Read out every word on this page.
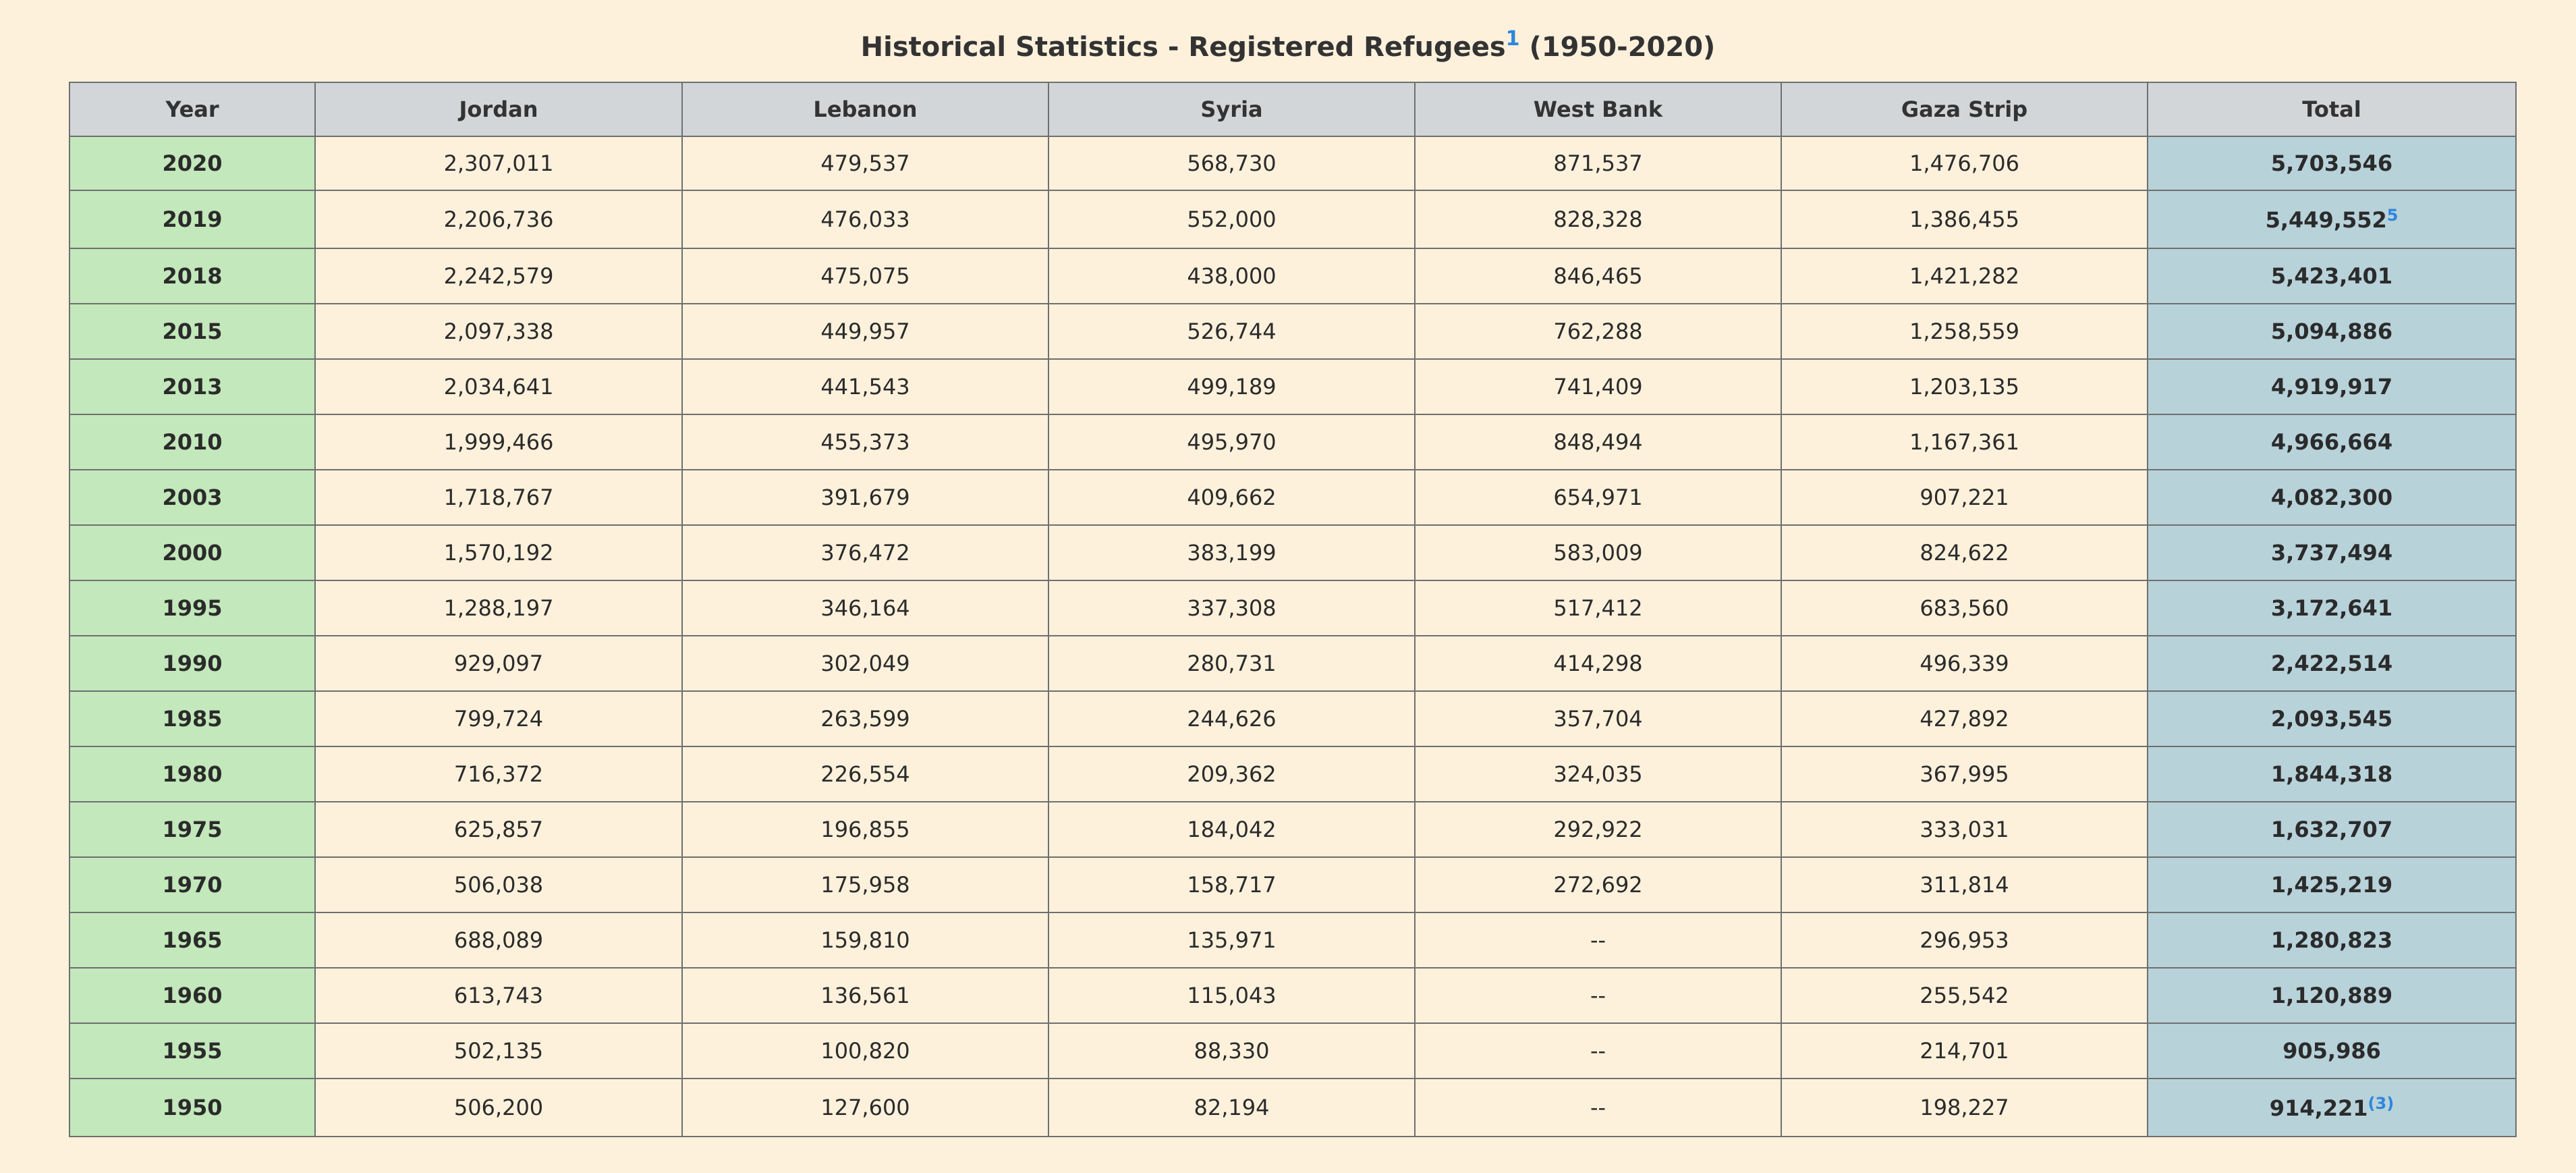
Historical Statistics - Registered Refugees$^1$ (1950-2020)
Year	Jordan	Lebanon	Syria	West Bank	Gaza Strip	Total
2020	2,307,011	479,537	568,730	871,537	1,476,706	5,703,546
2019	2,206,736	476,033	552,000	828,328	1,386,455	5,449,552$^5$
2018	2,242,579	475,075	438,000	846,465	1,421,282	5,423,401
2015	2,097,338	449,957	526,744	762,288	1,258,559	5,094,886
2013	2,034,641	441,543	499,189	741,409	1,203,135	4,919,917
2010	1,999,466	455,373	495,970	848,494	1,167,361	4,966,664
2003	1,718,767	391,679	409,662	654,971	907,221	4,082,300
2000	1,570,192	376,472	383,199	583,009	824,622	3,737,494
1995	1,288,197	346,164	337,308	517,412	683,560	3,172,641
1990	929,097	302,049	280,731	414,298	496,339	2,422,514
1985	799,724	263,599	244,626	357,704	427,892	2,093,545
1980	716,372	226,554	209,362	324,035	367,995	1,844,318
1975	625,857	196,855	184,042	292,922	333,031	1,632,707
1970	506,038	175,958	158,717	272,692	311,814	1,425,219
1965	688,089	159,810	135,971	--	296,953	1,280,823
1960	613,743	136,561	115,043	--	255,542	1,120,889
1955	502,135	100,820	88,330	--	214,701	905,986
1950	506,200	127,600	82,194	--	198,227	914,221$^{(3)}$
